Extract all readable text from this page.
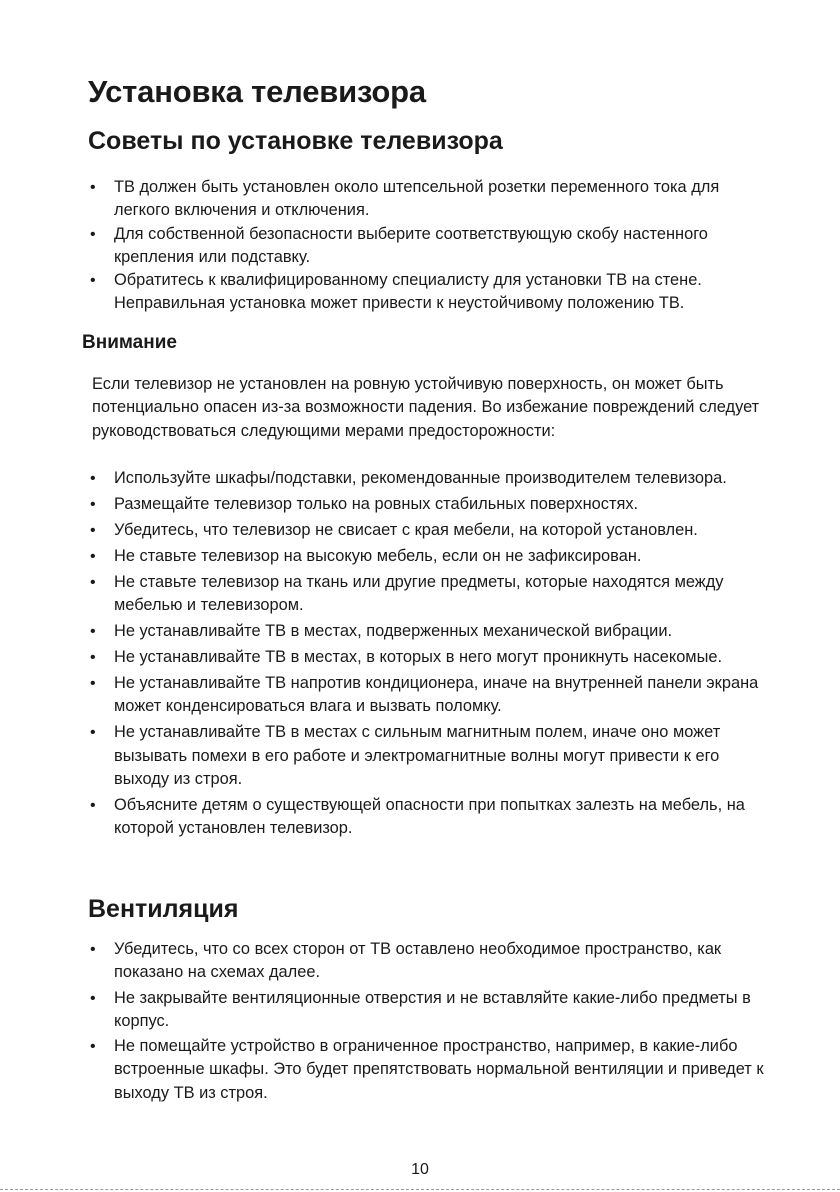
Установка телевизора
Советы по установке телевизора
• ТВ должен быть установлен около штепсельной розетки переменного тока для легкого включения и отключения.
• Для собственной безопасности выберите соответствующую скобу настенного крепления или подставку.
• Обратитесь к квалифицированному специалисту для установки ТВ на стене. Неправильная установка может привести к неустойчивому положению ТВ.
Внимание

Если телевизор не установлен на ровную устойчивую поверхность, он может быть потенциально опасен из-за возможности падения. Во избежание повреждений следует руководствоваться следующими мерами предосторожности:

• Используйте шкафы/подставки, рекомендованные производителем телевизора.
• Размещайте телевизор только на ровных стабильных поверхностях.
• Убедитесь, что телевизор не свисает с края мебели, на которой установлен.
• Не ставьте телевизор на высокую мебель, если он не зафиксирован.
• Не ставьте телевизор на ткань или другие предметы, которые находятся между мебелью и телевизором.
• Не устанавливайте ТВ в местах, подверженных механической вибрации.
• Не устанавливайте ТВ в местах, в которых в него могут проникнуть насекомые.
• Не устанавливайте ТВ напротив кондиционера, иначе на внутренней панели экрана может конденсироваться влага и вызвать поломку.
• Не устанавливайте ТВ в местах с сильным магнитным полем, иначе оно может вызывать помехи в его работе и электромагнитные волны могут привести к его выходу из строя.
• Объясните детям о существующей опасности при попытках залезть на мебель, на которой установлен телевизор.
Вентиляция
• Убедитесь, что со всех сторон от ТВ оставлено необходимое пространство, как показано на схемах далее.
• Не закрывайте вентиляционные отверстия и не вставляйте какие-либо предметы в корпус.
• Не помещайте устройство в ограниченное пространство, например, в какие-либо встроенные шкафы. Это будет препятствовать нормальной вентиляции и приведет к выходу ТВ из строя.
10
